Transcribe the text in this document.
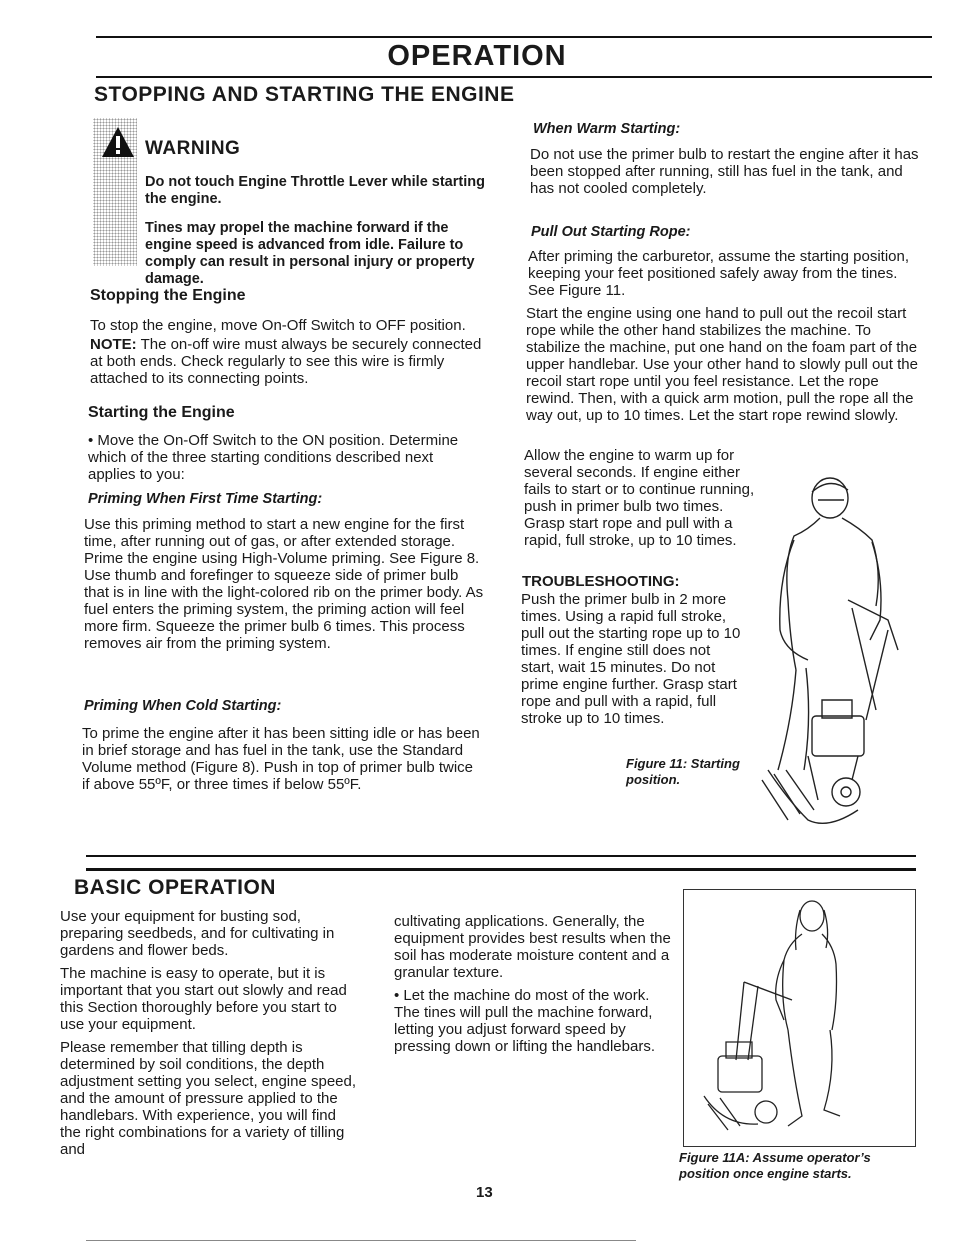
OPERATION
STOPPING AND STARTING THE ENGINE
WARNING
Do not touch Engine Throttle Lever while starting the engine.
Tines may propel the machine forward if the engine speed is advanced from idle. Failure to comply can result in personal injury or property damage.
Stopping the Engine
To stop the engine, move On-Off Switch to OFF position.
NOTE: The on-off wire must always be securely connected at both ends. Check regularly to see this wire is firmly attached to its connecting points.
Starting the Engine
• Move the On-Off Switch to the ON position. Determine which of the three starting conditions described next applies to you:
Priming When First Time Starting:
Use this priming method to start a new engine for the first time, after running out of gas, or after extended storage. Prime the engine using High-Volume priming. See Figure 8. Use thumb and forefinger to squeeze side of primer bulb that is in line with the light-colored rib on the primer body. As fuel enters the priming system, the priming action will feel more firm. Squeeze the primer bulb 6 times. This process removes air from the priming system.
Priming When Cold Starting:
To prime the engine after it has been sitting idle or has been in brief storage and has fuel in the tank, use the Standard Volume method (Figure 8). Push in top of primer bulb twice if above 55ºF, or three times if below 55ºF.
When Warm Starting:
Do not use the primer bulb to restart the engine after it has been stopped after running, still has fuel in the tank, and has not cooled completely.
Pull Out Starting Rope:
After priming the carburetor, assume the starting position, keeping your feet positioned safely away from the tines. See Figure 11.
Start the engine using one hand to pull out the recoil start rope while the other hand stabilizes the machine. To stabilize the machine, put one hand on the foam part of the upper handlebar. Use your other hand to slowly pull out the recoil start rope until you feel resistance. Let the rope rewind. Then, with a quick arm motion, pull the rope all the way out, up to 10 times. Let the start rope rewind slowly.
Allow the engine to warm up for several seconds. If engine either fails to start or to continue running, push in primer bulb two times. Grasp start rope and pull with a rapid, full stroke, up to 10 times.
TROUBLESHOOTING:
Push the primer bulb in 2 more times. Using a rapid full stroke, pull out the starting rope up to 10 times. If engine still does not start, wait 15 minutes. Do not prime engine further. Grasp start rope and pull with a rapid, full stroke up to 10 times.
Figure 11: Starting position.
BASIC OPERATION
Use your equipment for busting sod, preparing seedbeds, and for cultivating in gardens and flower beds.
The machine is easy to operate, but it is important that you start out slowly and read this Section thoroughly before you start to use your equipment.
Please remember that tilling depth is determined by soil conditions, the depth adjustment setting you select, engine speed, and the amount of pressure applied to the handlebars. With experience, you will find the right combinations for a variety of tilling and
cultivating applications. Generally, the equipment provides best results when the soil has moderate moisture content and a granular texture.
• Let the machine do most of the work. The tines will pull the machine forward, letting you adjust forward speed by pressing down or lifting the handlebars.
Figure 11A: Assume operator’s position once engine starts.
13
